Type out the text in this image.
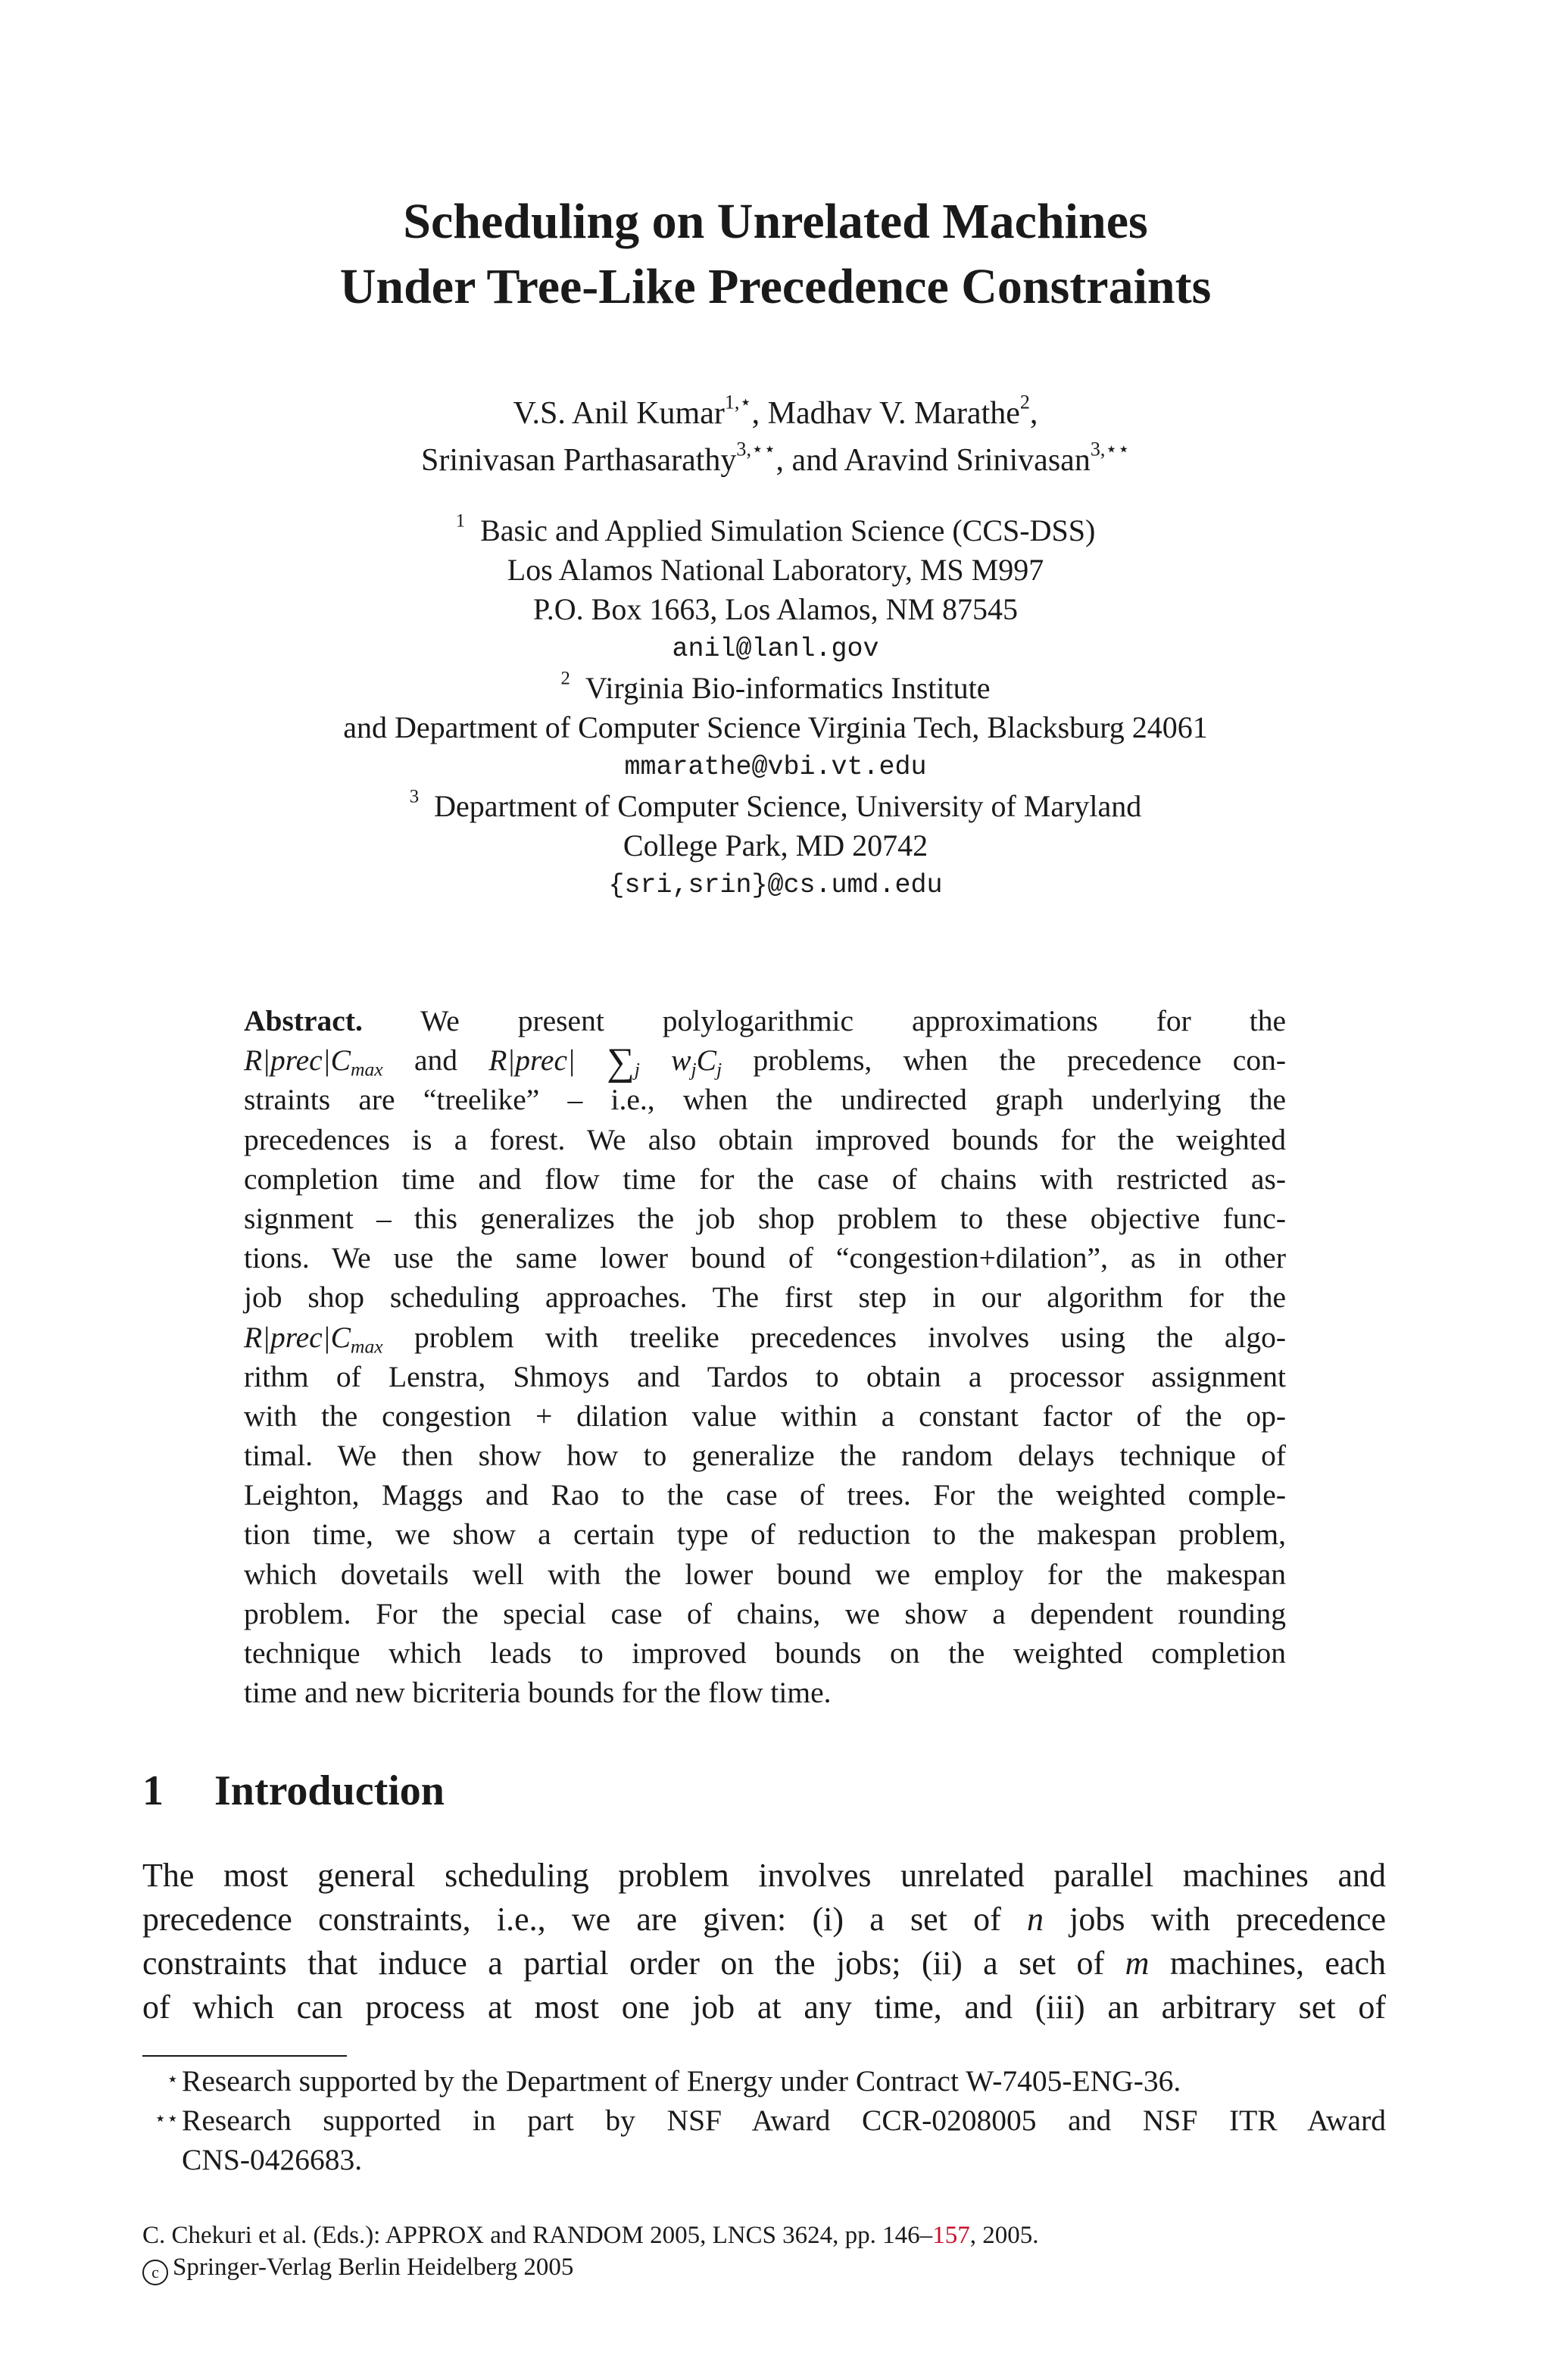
Scheduling on Unrelated Machines
Under Tree-Like Precedence Constraints
V.S. Anil Kumar$^{1,⋆}$, Madhav V. Marathe$^2$,
Srinivasan Parthasarathy$^{3,⋆⋆}$, and Aravind Srinivasan$^{3,⋆⋆}$
$^1$ Basic and Applied Simulation Science (CCS-DSS)
Los Alamos National Laboratory, MS M997
P.O. Box 1663, Los Alamos, NM 87545
anil@lanl.gov
$^2$ Virginia Bio-informatics Institute
and Department of Computer Science Virginia Tech, Blacksburg 24061
mmarathe@vbi.vt.edu
$^3$ Department of Computer Science, University of Maryland
College Park, MD 20742
{sri,srin}@cs.umd.edu
Abstract. We present polylogarithmic approximations for the
$R|prec|C_{max}$ and R|prec| $\sum_j$ $w_jC_j$ problems, when the precedence con-
straints are “treelike” – i.e., when the undirected graph underlying the
precedences is a forest. We also obtain improved bounds for the weighted
completion time and flow time for the case of chains with restricted as-
signment – this generalizes the job shop problem to these objective func-
tions. We use the same lower bound of “congestion+dilation”, as in other
job shop scheduling approaches. The first step in our algorithm for the
$R|prec|C_{max}$ problem with treelike precedences involves using the algo-
rithm of Lenstra, Shmoys and Tardos to obtain a processor assignment
with the congestion + dilation value within a constant factor of the op-
timal. We then show how to generalize the random delays technique of
Leighton, Maggs and Rao to the case of trees. For the weighted comple-
tion time, we show a certain type of reduction to the makespan problem,
which dovetails well with the lower bound we employ for the makespan
problem. For the special case of chains, we show a dependent rounding
technique which leads to improved bounds on the weighted completion
time and new bicriteria bounds for the flow time.
1 Introduction
The most general scheduling problem involves unrelated parallel machines and
precedence constraints, i.e., we are given: (i) a set of n jobs with precedence
constraints that induce a partial order on the jobs; (ii) a set of m machines, each
of which can process at most one job at any time, and (iii) an arbitrary set of
⋆ Research supported by the Department of Energy under Contract W-7405-ENG-36.
⋆⋆ Research supported in part by NSF Award CCR-0208005 and NSF ITR Award
CNS-0426683.
C. Chekuri et al. (Eds.): APPROX and RANDOM 2005, LNCS 3624, pp. 146–157, 2005.
c Springer-Verlag Berlin Heidelberg 2005
